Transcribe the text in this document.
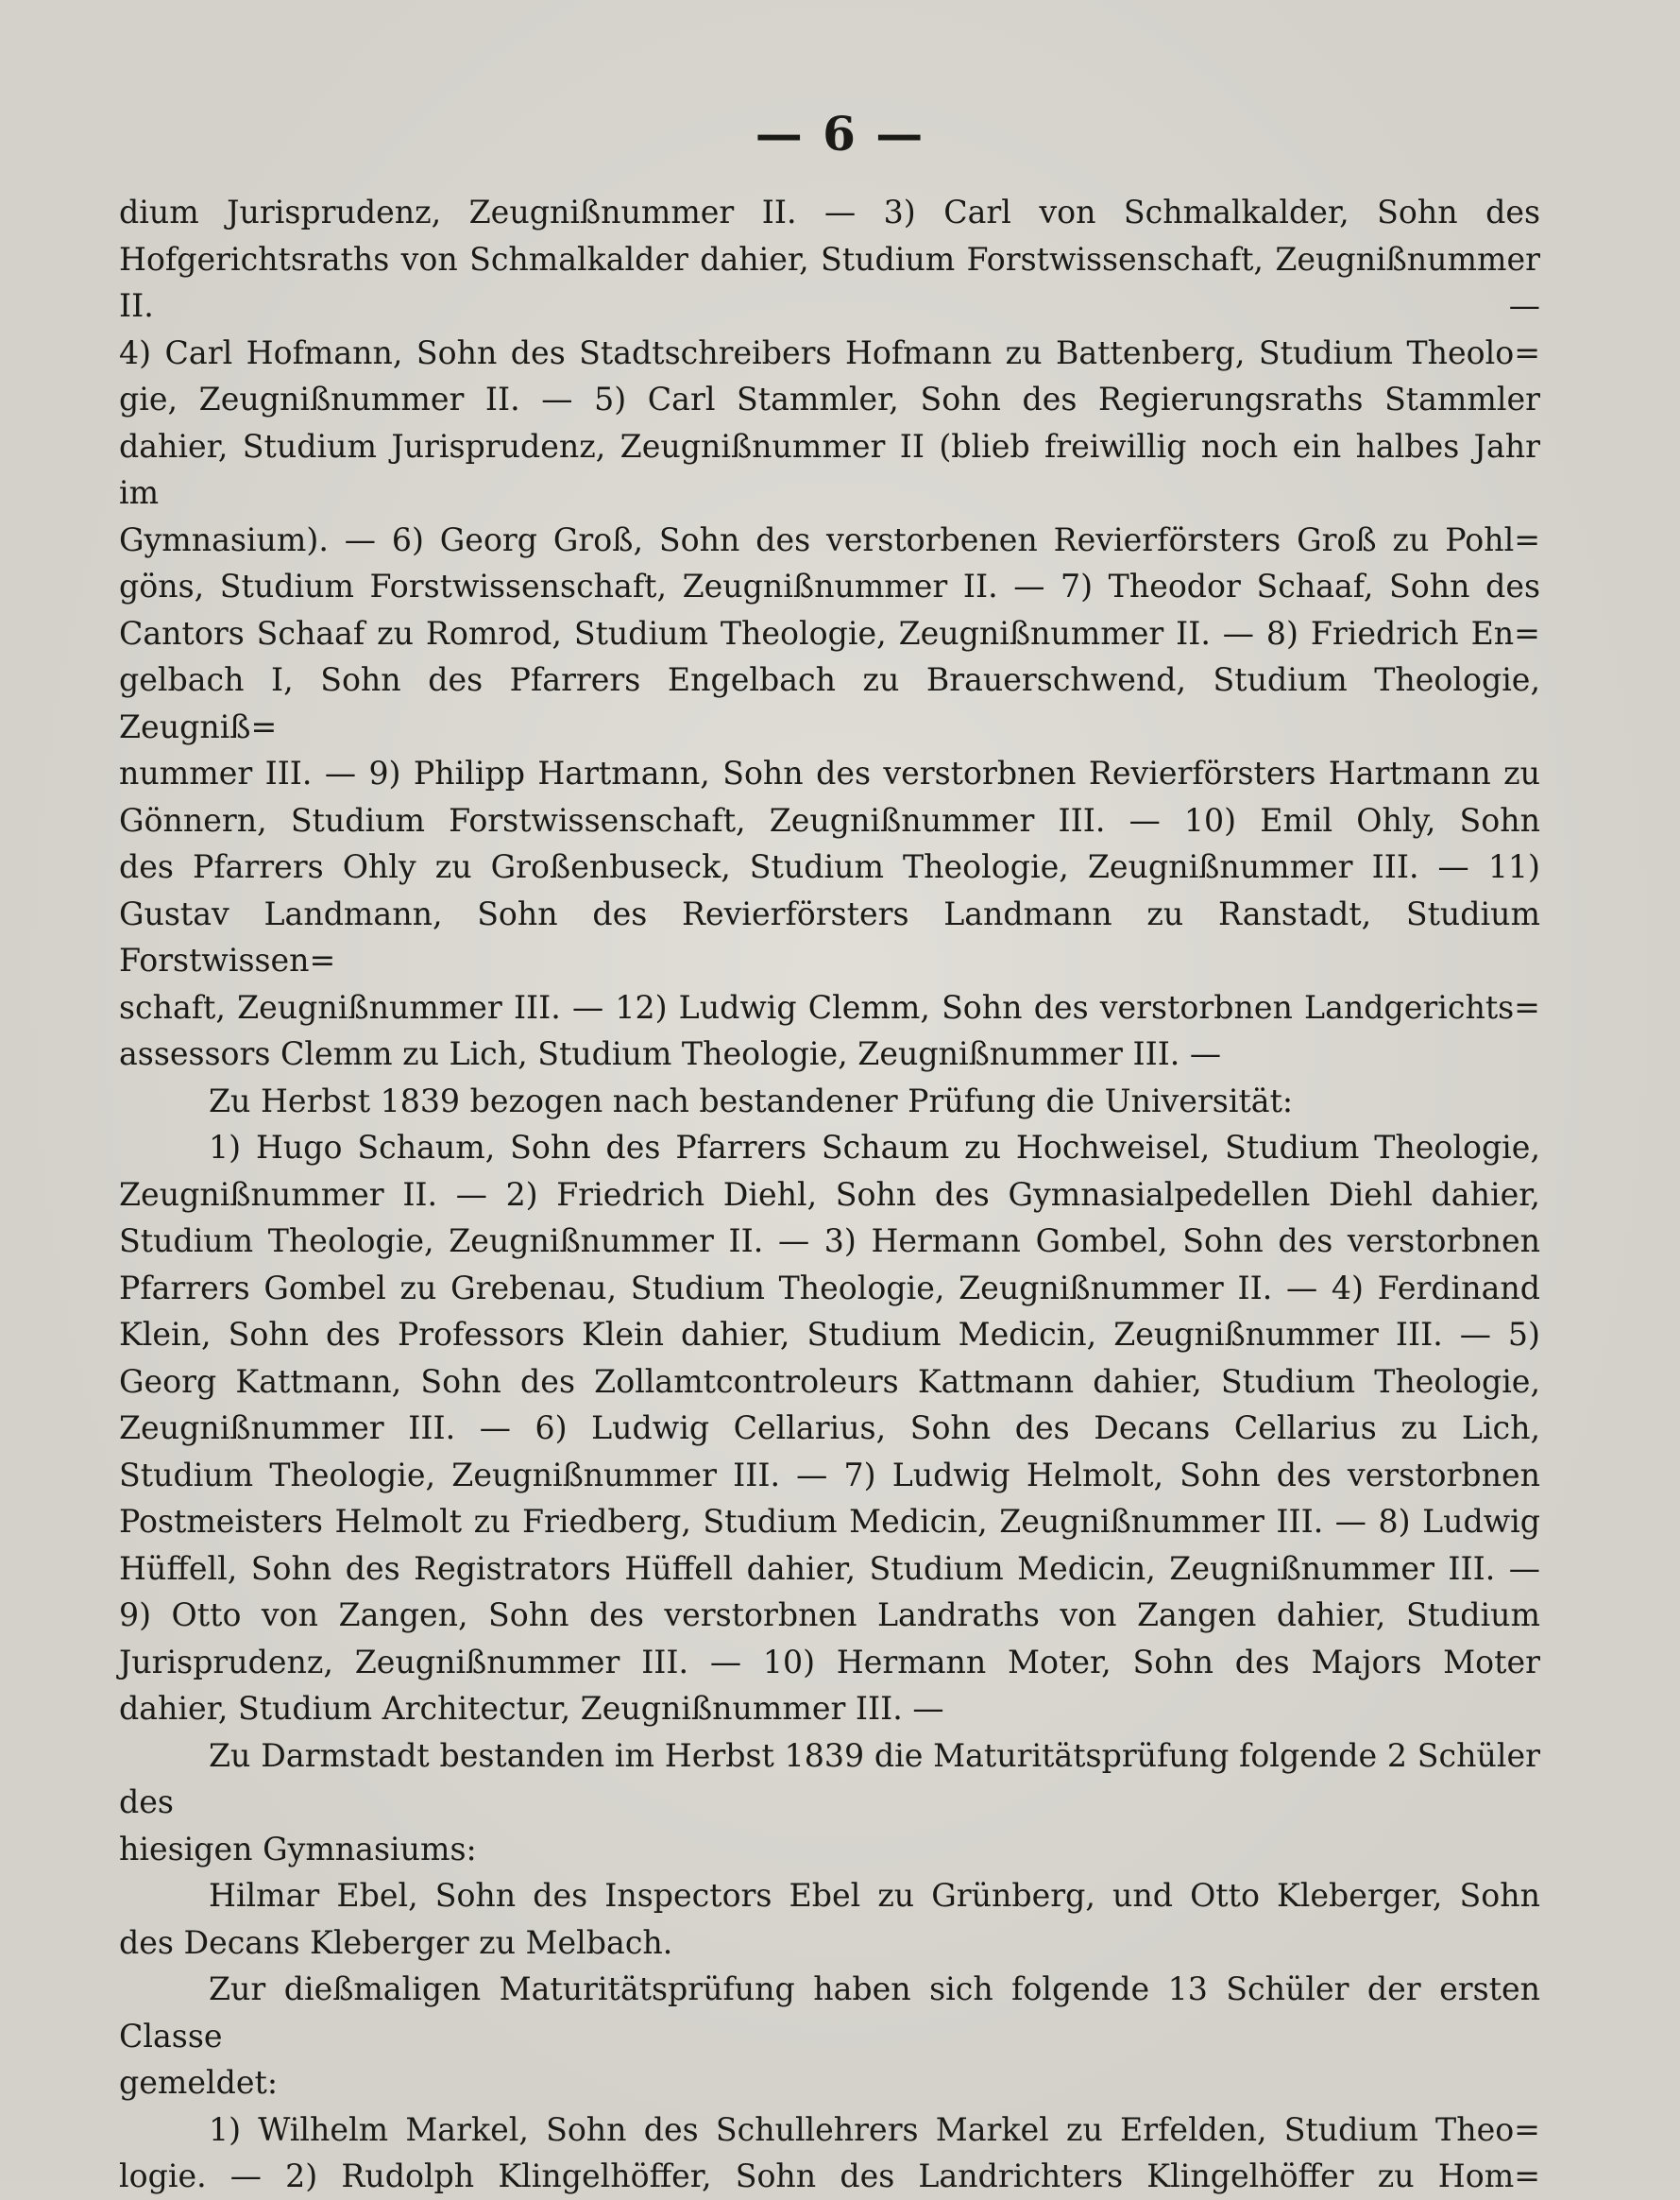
— 6 —

dium Jurisprudenz, Zeugnißnummer II. — 3) Carl von Schmalkalder, Sohn des
Hofgerichtsraths von Schmalkalder dahier, Studium Forstwissenschaft, Zeugnißnummer II. —
4) Carl Hofmann, Sohn des Stadtschreibers Hofmann zu Battenberg, Studium Theolo=
gie, Zeugnißnummer II. — 5) Carl Stammler, Sohn des Regierungsraths Stammler
dahier, Studium Jurisprudenz, Zeugnißnummer II (blieb freiwillig noch ein halbes Jahr im
Gymnasium). — 6) Georg Groß, Sohn des verstorbenen Revierförsters Groß zu Pohl=
göns, Studium Forstwissenschaft, Zeugnißnummer II. — 7) Theodor Schaaf, Sohn des
Cantors Schaaf zu Romrod, Studium Theologie, Zeugnißnummer II. — 8) Friedrich En=
gelbach I, Sohn des Pfarrers Engelbach zu Brauerschwend, Studium Theologie, Zeugniß=
nummer III. — 9) Philipp Hartmann, Sohn des verstorbnen Revierförsters Hartmann zu
Gönnern, Studium Forstwissenschaft, Zeugnißnummer III. — 10) Emil Ohly, Sohn
des Pfarrers Ohly zu Großenbuseck, Studium Theologie, Zeugnißnummer III. — 11)
Gustav Landmann, Sohn des Revierförsters Landmann zu Ranstadt, Studium Forstwissen=
schaft, Zeugnißnummer III. — 12) Ludwig Clemm, Sohn des verstorbnen Landgerichts=

assessors Clemm zu Lich, Studium Theologie, Zeugnißnummer III. —

Zu Herbst 1839 bezogen nach bestandener Prüfung die Universität:

1) Hugo Schaum, Sohn des Pfarrers Schaum zu Hochweisel, Studium Theologie,
Zeugnißnummer II. — 2) Friedrich Diehl, Sohn des Gymnasialpedellen Diehl dahier,
Studium Theologie, Zeugnißnummer II. — 3) Hermann Gombel, Sohn des verstorbnen
Pfarrers Gombel zu Grebenau, Studium Theologie, Zeugnißnummer II. — 4) Ferdinand
Klein, Sohn des Professors Klein dahier, Studium Medicin, Zeugnißnummer III. — 5)
Georg Kattmann, Sohn des Zollamtcontroleurs Kattmann dahier, Studium Theologie,
Zeugnißnummer III. — 6) Ludwig Cellarius, Sohn des Decans Cellarius zu Lich,
Studium Theologie, Zeugnißnummer III. — 7) Ludwig Helmolt, Sohn des verstorbnen
Postmeisters Helmolt zu Friedberg, Studium Medicin, Zeugnißnummer III. — 8) Ludwig
Hüffell, Sohn des Registrators Hüffell dahier, Studium Medicin, Zeugnißnummer III. —
9) Otto von Zangen, Sohn des verstorbnen Landraths von Zangen dahier, Studium
Jurisprudenz, Zeugnißnummer III. — 10) Hermann Moter, Sohn des Majors Moter

dahier, Studium Architectur, Zeugnißnummer III. —

Zu Darmstadt bestanden im Herbst 1839 die Maturitätsprüfung folgende 2 Schüler des

hiesigen Gymnasiums:

Hilmar Ebel, Sohn des Inspectors Ebel zu Grünberg, und Otto Kleberger, Sohn

des Decans Kleberger zu Melbach.

Zur dießmaligen Maturitätsprüfung haben sich folgende 13 Schüler der ersten Classe

gemeldet:

1) Wilhelm Markel, Sohn des Schullehrers Markel zu Erfelden, Studium Theo=
logie. — 2) Rudolph Klingelhöffer, Sohn des Landrichters Klingelhöffer zu Hom=
